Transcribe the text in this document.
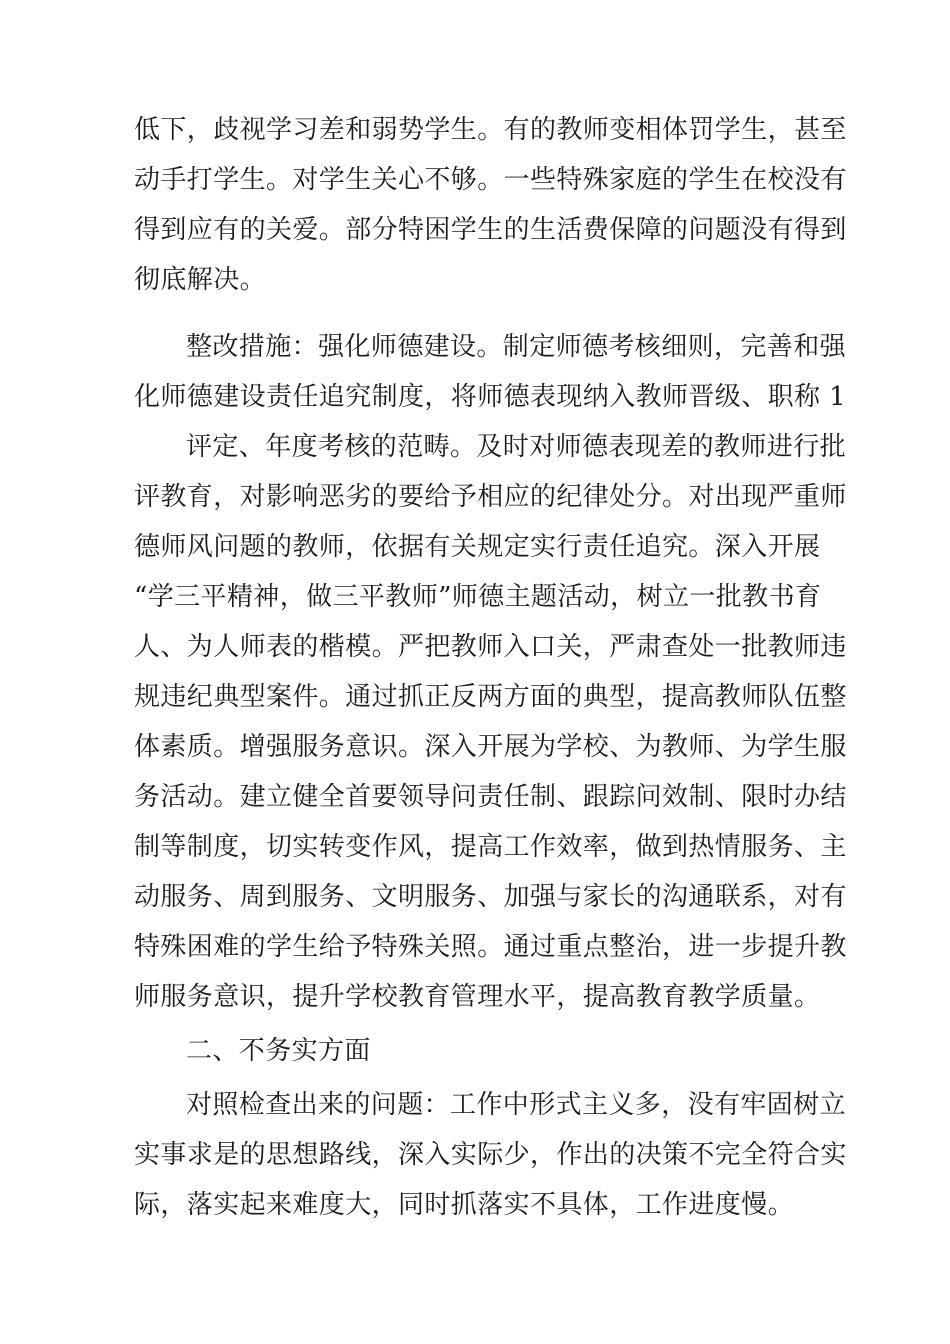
低下，歧视学习差和弱势学生。有的教师变相体罚学生，甚至
动手打学生。对学生关心不够。一些特殊家庭的学生在校没有
得到应有的关爱。部分特困学生的生活费保障的问题没有得到
彻底解决。
整改措施：强化师德建设。制定师德考核细则，完善和强
化师德建设责任追究制度，将师德表现纳入教师晋级、职称 1
评定、年度考核的范畴。及时对师德表现差的教师进行批
评教育，对影响恶劣的要给予相应的纪律处分。对出现严重师
德师风问题的教师，依据有关规定实行责任追究。深入开展
“学三平精神，做三平教师”师德主题活动，树立一批教书育
人、为人师表的楷模。严把教师入口关，严肃查处一批教师违
规违纪典型案件。通过抓正反两方面的典型，提高教师队伍整
体素质。增强服务意识。深入开展为学校、为教师、为学生服
务活动。建立健全首要领导问责任制、跟踪问效制、限时办结
制等制度，切实转变作风，提高工作效率，做到热情服务、主
动服务、周到服务、文明服务、加强与家长的沟通联系，对有
特殊困难的学生给予特殊关照。通过重点整治，进一步提升教
师服务意识，提升学校教育管理水平，提高教育教学质量。
二、不务实方面
对照检查出来的问题：工作中形式主义多，没有牢固树立
实事求是的思想路线，深入实际少，作出的决策不完全符合实
际，落实起来难度大，同时抓落实不具体，工作进度慢。
